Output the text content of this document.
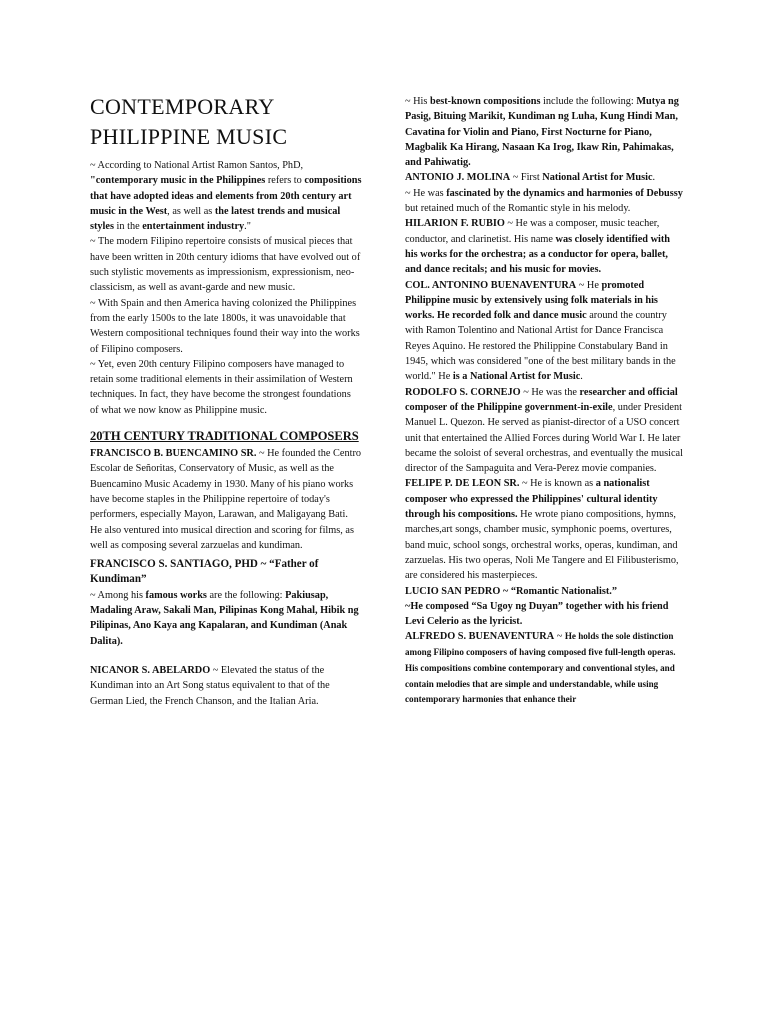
CONTEMPORARY PHILIPPINE MUSIC

~ According to National Artist Ramon Santos, PhD, "contemporary music in the Philippines refers to compositions that have adopted ideas and elements from 20th century art music in the West, as well as the latest trends and musical styles in the entertainment industry."

~ The modern Filipino repertoire consists of musical pieces that have been written in 20th century idioms that have evolved out of such stylistic movements as impressionism, expressionism, neo-classicism, as well as avant-garde and new music.

~ With Spain and then America having colonized the Philippines from the early 1500s to the late 1800s, it was unavoidable that Western compositional techniques found their way into the works of Filipino composers.

~ Yet, even 20th century Filipino composers have managed to retain some traditional elements in their assimilation of Western techniques. In fact, they have become the strongest foundations of what we now know as Philippine music.

20TH CENTURY TRADITIONAL COMPOSERS

FRANCISCO B. BUENCAMINO SR. ~ He founded the Centro Escolar de Señoritas, Conservatory of Music, as well as the Buencamino Music Academy in 1930. Many of his piano works have become staples in the Philippine repertoire of today's performers, especially Mayon, Larawan, and Maligayang Bati. He also ventured into musical direction and scoring for films, as well as composing several zarzuelas and kundiman.

FRANCISCO S. SANTIAGO, PHD ~ “Father of Kundiman”
~ Among his famous works are the following: Pakiusap, Madaling Araw, Sakali Man, Pilipinas Kong Mahal, Hibik ng Pilipinas, Ano Kaya ang Kapalaran, and Kundiman (Anak Dalita).

NICANOR S. ABELARDO ~ Elevated the status of the Kundiman into an Art Song status equivalent to that of the German Lied, the French Chanson, and the Italian Aria.

~ His best-known compositions include the following: Mutya ng Pasig, Bituing Marikit, Kundiman ng Luha, Kung Hindi Man, Cavatina for Violin and Piano, First Nocturne for Piano, Magbalik Ka Hirang, Nasaan Ka Irog, Ikaw Rin, Pahimakas, and Pahiwatig.

ANTONIO J. MOLINA ~ First National Artist for Music.
~ He was fascinated by the dynamics and harmonies of Debussy but retained much of the Romantic style in his melody.

HILARION F. RUBIO ~ He was a composer, music teacher, conductor, and clarinetist. His name was closely identified with his works for the orchestra; as a conductor for opera, ballet, and dance recitals; and his music for movies.

COL. ANTONINO BUENAVENTURA ~ He promoted Philippine music by extensively using folk materials in his works. He recorded folk and dance music around the country with Ramon Tolentino and National Artist for Dance Francisca Reyes Aquino. He restored the Philippine Constabulary Band in 1945, which was considered "one of the best military bands in the world." He is a National Artist for Music.

RODOLFO S. CORNEJO ~ He was the researcher and official composer of the Philippine government-in-exile, under President Manuel L. Quezon. He served as pianist-director of a USO concert unit that entertained the Allied Forces during World War I. He later became the soloist of several orchestras, and eventually the musical director of the Sampaguita and Vera-Perez movie companies.

FELIPE P. DE LEON SR. ~ He is known as a nationalist composer who expressed the Philippines' cultural identity through his compositions. He wrote piano compositions, hymns, marches,art songs, chamber music, symphonic poems, overtures, band muic, school songs, orchestral works, operas, kundiman, and zarzuelas. His two operas, Noli Me Tangere and El Filibusterismo, are considered his masterpieces.

LUCIO SAN PEDRO ~ “Romantic Nationalist.”
~He composed “Sa Ugoy ng Duyan” together with his friend Levi Celerio as the lyricist.

ALFREDO S. BUENAVENTURA ~ He holds the sole distinction among Filipino composers of having composed five full-length operas. His compositions combine contemporary and conventional styles, and contain melodies that are simple and understandable, while using contemporary harmonies that enhance their
